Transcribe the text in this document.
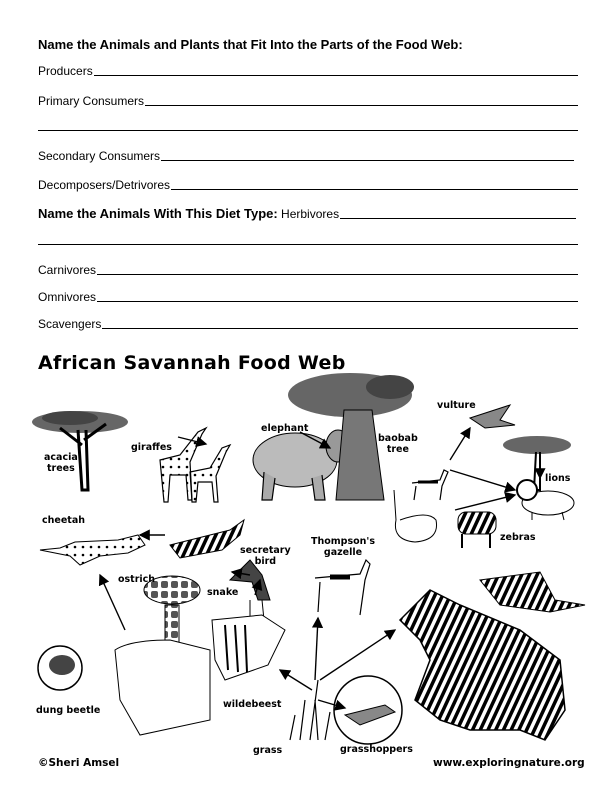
Name the Animals and Plants that Fit Into the Parts of the Food Web:
Producers
Primary Consumers
Secondary Consumers
Decomposers/Detrivores
Name the Animals With This Diet Type: Herbivores
Carnivores
Omnivores
Scavengers
African Savannah Food Web
acacia
trees
giraffes
elephant
baobab
tree
vulture
lions
cheetah
secretary
bird
Thompson's
gazelle
zebras
ostrich
snake
dung beetle
wildebeest
grass	grasshoppers
©Sheri Amsel	www.exploringnature.org
